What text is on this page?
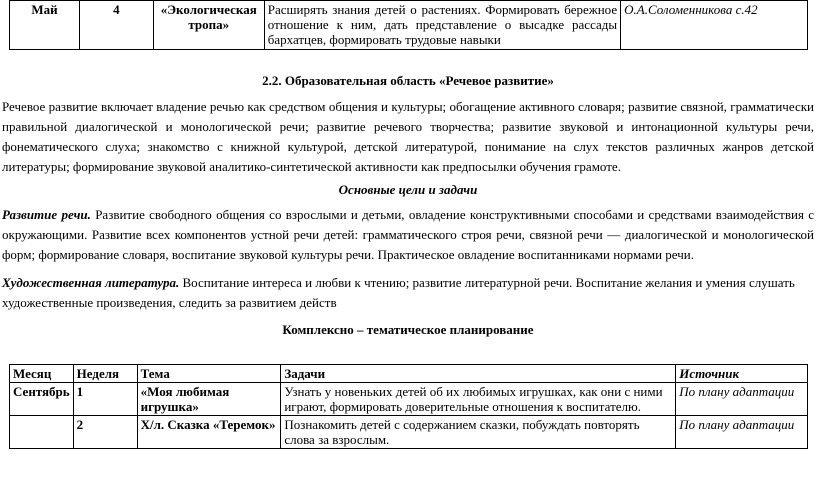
Май	4	«Экологическая тропа»	Расширять знания детей о растениях. Формировать бережное отношение к ним, дать представление о высадке рассады бархатцев, формировать трудовые навыки	О.А.Соломенникова с.42
2.2. Образовательная область «Речевое развитие»
Речевое развитие включает владение речью как средством общения и культуры; обогащение активного словаря; развитие связной, грамматически правильной диалогической и монологической речи; развитие речевого творчества; развитие звуковой и интонационной культуры речи, фонематического слуха; знакомство с книжной культурой, детской литературой, понимание на слух текстов различных жанров детской литературы; формирование звуковой аналитико-синтетической активности как предпосылки обучения грамоте.
Основные цели и задачи
Развитие речи. Развитие свободного общения со взрослыми и детьми, овладение конструктивными способами и средствами взаимодействия с окружающими. Развитие всех компонентов устной речи детей: грамматического строя речи, связной речи — диалогической и монологической форм; формирование словаря, воспитание звуковой культуры речи. Практическое овладение воспитанниками нормами речи.
Художественная литература. Воспитание интереса и любви к чтению; развитие литературной речи. Воспитание желания и умения слушать художественные произведения, следить за развитием действ
Комплексно – тематическое планирование
Месяц	Неделя	Тема	Задачи	Источник
Сентябрь	1	«Моя любимая игрушка»	Узнать у новеньких детей об их любимых игрушках, как они с ними играют, формировать доверительные отношения к воспитателю.	По плану адаптации
	2	Х/л. Сказка «Теремок»	Познакомить детей с содержанием сказки, побуждать повторять слова за взрослым.	По плану адаптации
